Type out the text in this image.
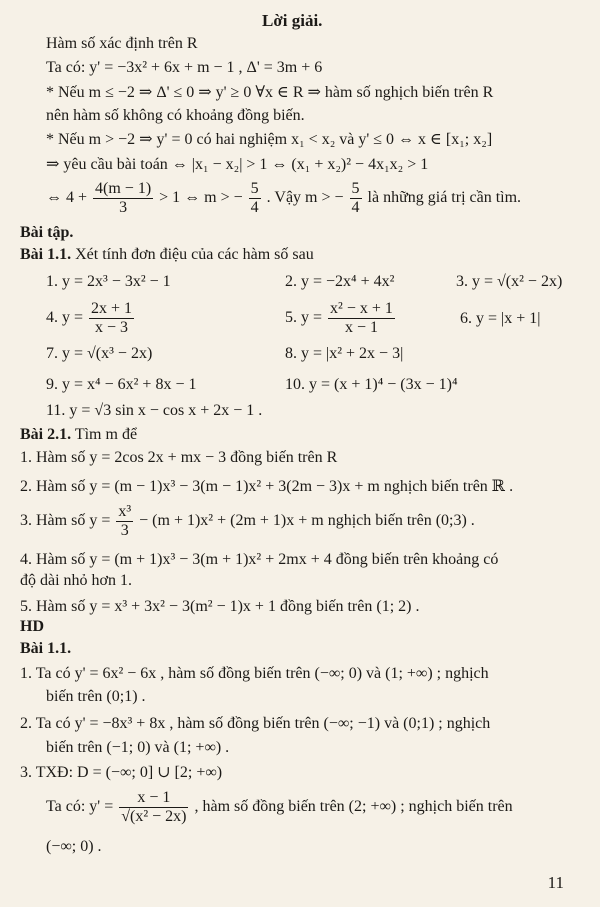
Lời giải.
Hàm số xác định trên R
Ta có: y' = −3x² + 6x + m − 1 , Δ' = 3m + 6
* Nếu m ≤ −2 ⇒ Δ' ≤ 0 ⇒ y' ≥ 0 ∀x ∈ R ⇒ hàm số nghịch biến trên R
nên hàm số không có khoảng đồng biến.
* Nếu m > −2 ⇒ y' = 0 có hai nghiệm x₁ < x₂ và y' ≤ 0 ⇔ x ∈ [x₁; x₂]
⇒ yêu cầu bài toán ⇔ |x₁ − x₂| > 1 ⇔ (x₁ + x₂)² − 4x₁x₂ > 1
⇔ $4 + \frac{4(m - 1)}{3} > 1$ ⇔ m > − $\frac{5}{4}$ . Vậy m > − $\frac{5}{4}$ là những giá trị cần tìm.
Bài tập.
Bài 1.1. Xét tính đơn điệu của các hàm số sau
1. y = 2x³ − 3x² − 1	2. y = −2x⁴ + 4x²	3. y = √(x² − 2x)
4. $y = \frac{2x + 1}{x - 3}$	5. $y = \frac{\text{x² − x + 1}}{x - 1}$	6. y = |x + 1|
7. y = √(x³ − 2x)	8. y = |x² + 2x − 3|
9. y = x⁴ − 6x² + 8x − 1	10. y = (x + 1)⁴ − (3x − 1)⁴
11. y = √3 sin x − cos x + 2x − 1 .
Bài 2.1. Tìm m để
1. Hàm số y = 2cos 2x + mx − 3 đồng biến trên R
2. Hàm số y = (m − 1)x³ − 3(m − 1)x² + 3(2m − 3)x + m nghịch biến trên ℝ .
3. Hàm số $y = \frac{\text{x³}}{3} - (m + 1)x^2 + (2m + 1)x + m$ nghịch biến trên (0;3) .
4. Hàm số y = (m + 1)x³ − 3(m + 1)x² + 2mx + 4 đồng biến trên khoảng có
độ dài nhỏ hơn 1.
5. Hàm số y = x³ + 3x² − 3(m² − 1)x + 1 đồng biến trên (1; 2) .
HD
Bài 1.1.
1. Ta có y' = 6x² − 6x , hàm số đồng biến trên (−∞; 0) và (1; +∞) ; nghịch
biến trên (0;1) .
2. Ta có y' = −8x³ + 8x , hàm số đồng biến trên (−∞; −1) và (0;1) ; nghịch
biến trên (−1; 0) và (1; +∞) .
3. TXĐ: D = (−∞; 0] ∪ [2; +∞)
Ta có: $y' = \frac{x - 1}{\text{√(x² − 2x)}}$ , hàm số đồng biến trên (2; +∞) ; nghịch biến trên
(−∞; 0) .
11
